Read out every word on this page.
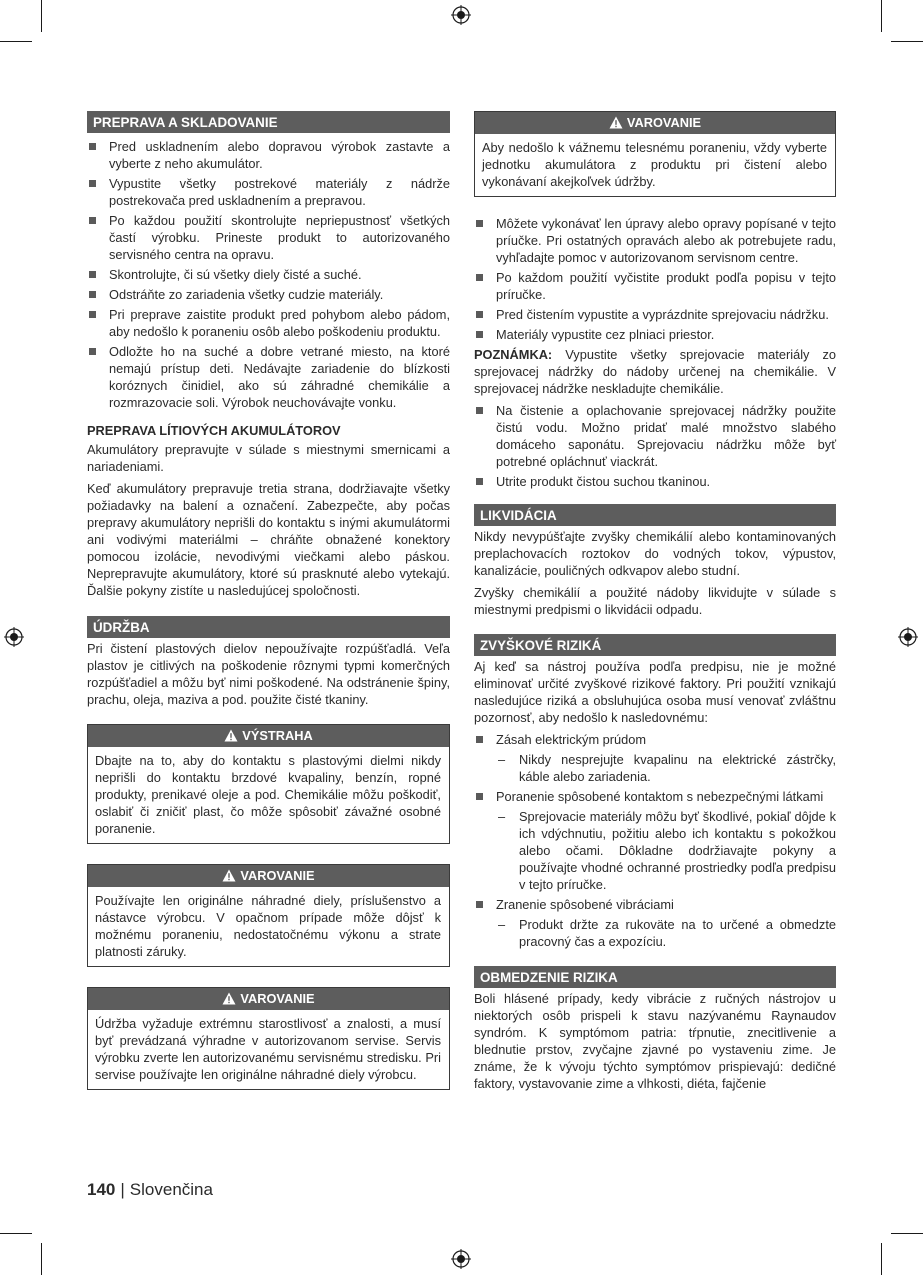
PREPRAVA A SKLADOVANIE
Pred uskladnením alebo dopravou výrobok zastavte a vyberte z neho akumulátor.
Vypustite všetky postrekové materiály z nádrže postrekovača pred uskladnením a prepravou.
Po každou použití skontrolujte nepriepustnosť všetkých častí výrobku. Prineste produkt to autorizovaného servisného centra na opravu.
Skontrolujte, či sú všetky diely čisté a suché.
Odstráňte zo zariadenia všetky cudzie materiály.
Pri preprave zaistite produkt pred pohybom alebo pádom, aby nedošlo k poraneniu osôb alebo poškodeniu produktu.
Odložte ho na suché a dobre vetrané miesto, na ktoré nemajú prístup deti. Nedávajte zariadenie do blízkosti koróznych činidiel, ako sú záhradné chemikálie a rozmrazovacie soli. Výrobok neuchovávajte vonku.
PREPRAVA LÍTIOVÝCH AKUMULÁTOROV

Akumulátory prepravujte v súlade s miestnymi smernicami a nariadeniami.

Keď akumulátory prepravuje tretia strana, dodržiavajte všetky požiadavky na balení a označení. Zabezpečte, aby počas prepravy akumulátory neprišli do kontaktu s inými akumulátormi ani vodivými materiálmi – chráňte obnažené konektory pomocou izolácie, nevodivými viečkami alebo páskou. Neprepravujte akumulátory, ktoré sú prasknuté alebo vytekajú. Ďalšie pokyny zistíte u nasledujúcej spoločnosti.

ÚDRŽBA

Pri čistení plastových dielov nepoužívajte rozpúšťadlá. Veľa plastov je citlivých na poškodenie rôznymi typmi komerčných rozpúšťadiel a môžu byť nimi poškodené. Na odstránenie špiny, prachu, oleja, maziva a pod. použite čisté tkaniny.

VÝSTRAHA
Dbajte na to, aby do kontaktu s plastovými dielmi nikdy neprišli do kontaktu brzdové kvapaliny, benzín, ropné produkty, prenikavé oleje a pod. Chemikálie môžu poškodiť, oslabiť či zničiť plast, čo môže spôsobiť závažné osobné poranenie.
VAROVANIE
Používajte len originálne náhradné diely, príslušenstvo a nástavce výrobcu. V opačnom prípade môže dôjsť k možnému poraneniu, nedostatočnému výkonu a strate platnosti záruky.
VAROVANIE
Údržba vyžaduje extrémnu starostlivosť a znalosti, a musí byť prevádzaná výhradne v autorizovanom servise. Servis výrobku zverte len autorizovanému servisnému stredisku. Pri servise používajte len originálne náhradné diely výrobcu.
VAROVANIE
Aby nedošlo k vážnemu telesnému poraneniu, vždy vyberte jednotku akumulátora z produktu pri čistení alebo vykonávaní akejkoľvek údržby.
Môžete vykonávať len úpravy alebo opravy popísané v tejto príučke. Pri ostatných opravách alebo ak potrebujete radu, vyhľadajte pomoc v autorizovanom servisnom centre.
Po každom použití vyčistite produkt podľa popisu v tejto príručke.
Pred čistením vypustite a vyprázdnite sprejovaciu nádržku.
Materiály vypustite cez plniaci priestor.

POZNÁMKA: Vypustite všetky sprejovacie materiály zo sprejovacej nádržky do nádoby určenej na chemikálie. V sprejovacej nádržke neskladujte chemikálie.

Na čistenie a oplachovanie sprejovacej nádržky použite čistú vodu. Možno pridať malé množstvo slabého domáceho saponátu. Sprejovaciu nádržku môže byť potrebné opláchnuť viackrát.
Utrite produkt čistou suchou tkaninou.
LIKVIDÁCIA

Nikdy nevypúšťajte zvyšky chemikálií alebo kontaminovaných preplachovacích roztokov do vodných tokov, výpustov, kanalizácie, pouličných odkvapov alebo studní.

Zvyšky chemikálií a použité nádoby likvidujte v súlade s miestnymi predpismi o likvidácii odpadu.

ZVYŠKOVÉ RIZIKÁ

Aj keď sa nástroj používa podľa predpisu, nie je možné eliminovať určité zvyškové rizikové faktory. Pri použití vznikajú nasledujúce riziká a obsluhujúca osoba musí venovať zvláštnu pozornosť, aby nedošlo k nasledovnému:

Zásah elektrickým prúdom
– Nikdy nesprejujte kvapalinu na elektrické zástrčky, káble alebo zariadenia.
Poranenie spôsobené kontaktom s nebezpečnými látkami
– Sprejovacie materiály môžu byť škodlivé, pokiaľ dôjde k ich vdýchnutiu, požitiu alebo ich kontaktu s pokožkou alebo očami. Dôkladne dodržiavajte pokyny a používajte vhodné ochranné prostriedky podľa predpisu v tejto príručke.
Zranenie spôsobené vibráciami
– Produkt držte za rukoväte na to určené a obmedzte pracovný čas a expozíciu.
OBMEDZENIE RIZIKA

Boli hlásené prípady, kedy vibrácie z ručných nástrojov u niektorých osôb prispeli k stavu nazývanému Raynaudov syndróm. K symptómom patria: tŕpnutie, znecitlivenie a blednutie prstov, zvyčajne zjavné po vystaveniu zime. Je známe, že k vývoju týchto symptómov prispievajú: dedičné faktory, vystavovanie zime a vlhkosti, diéta, fajčenie

140 | Slovenčina
